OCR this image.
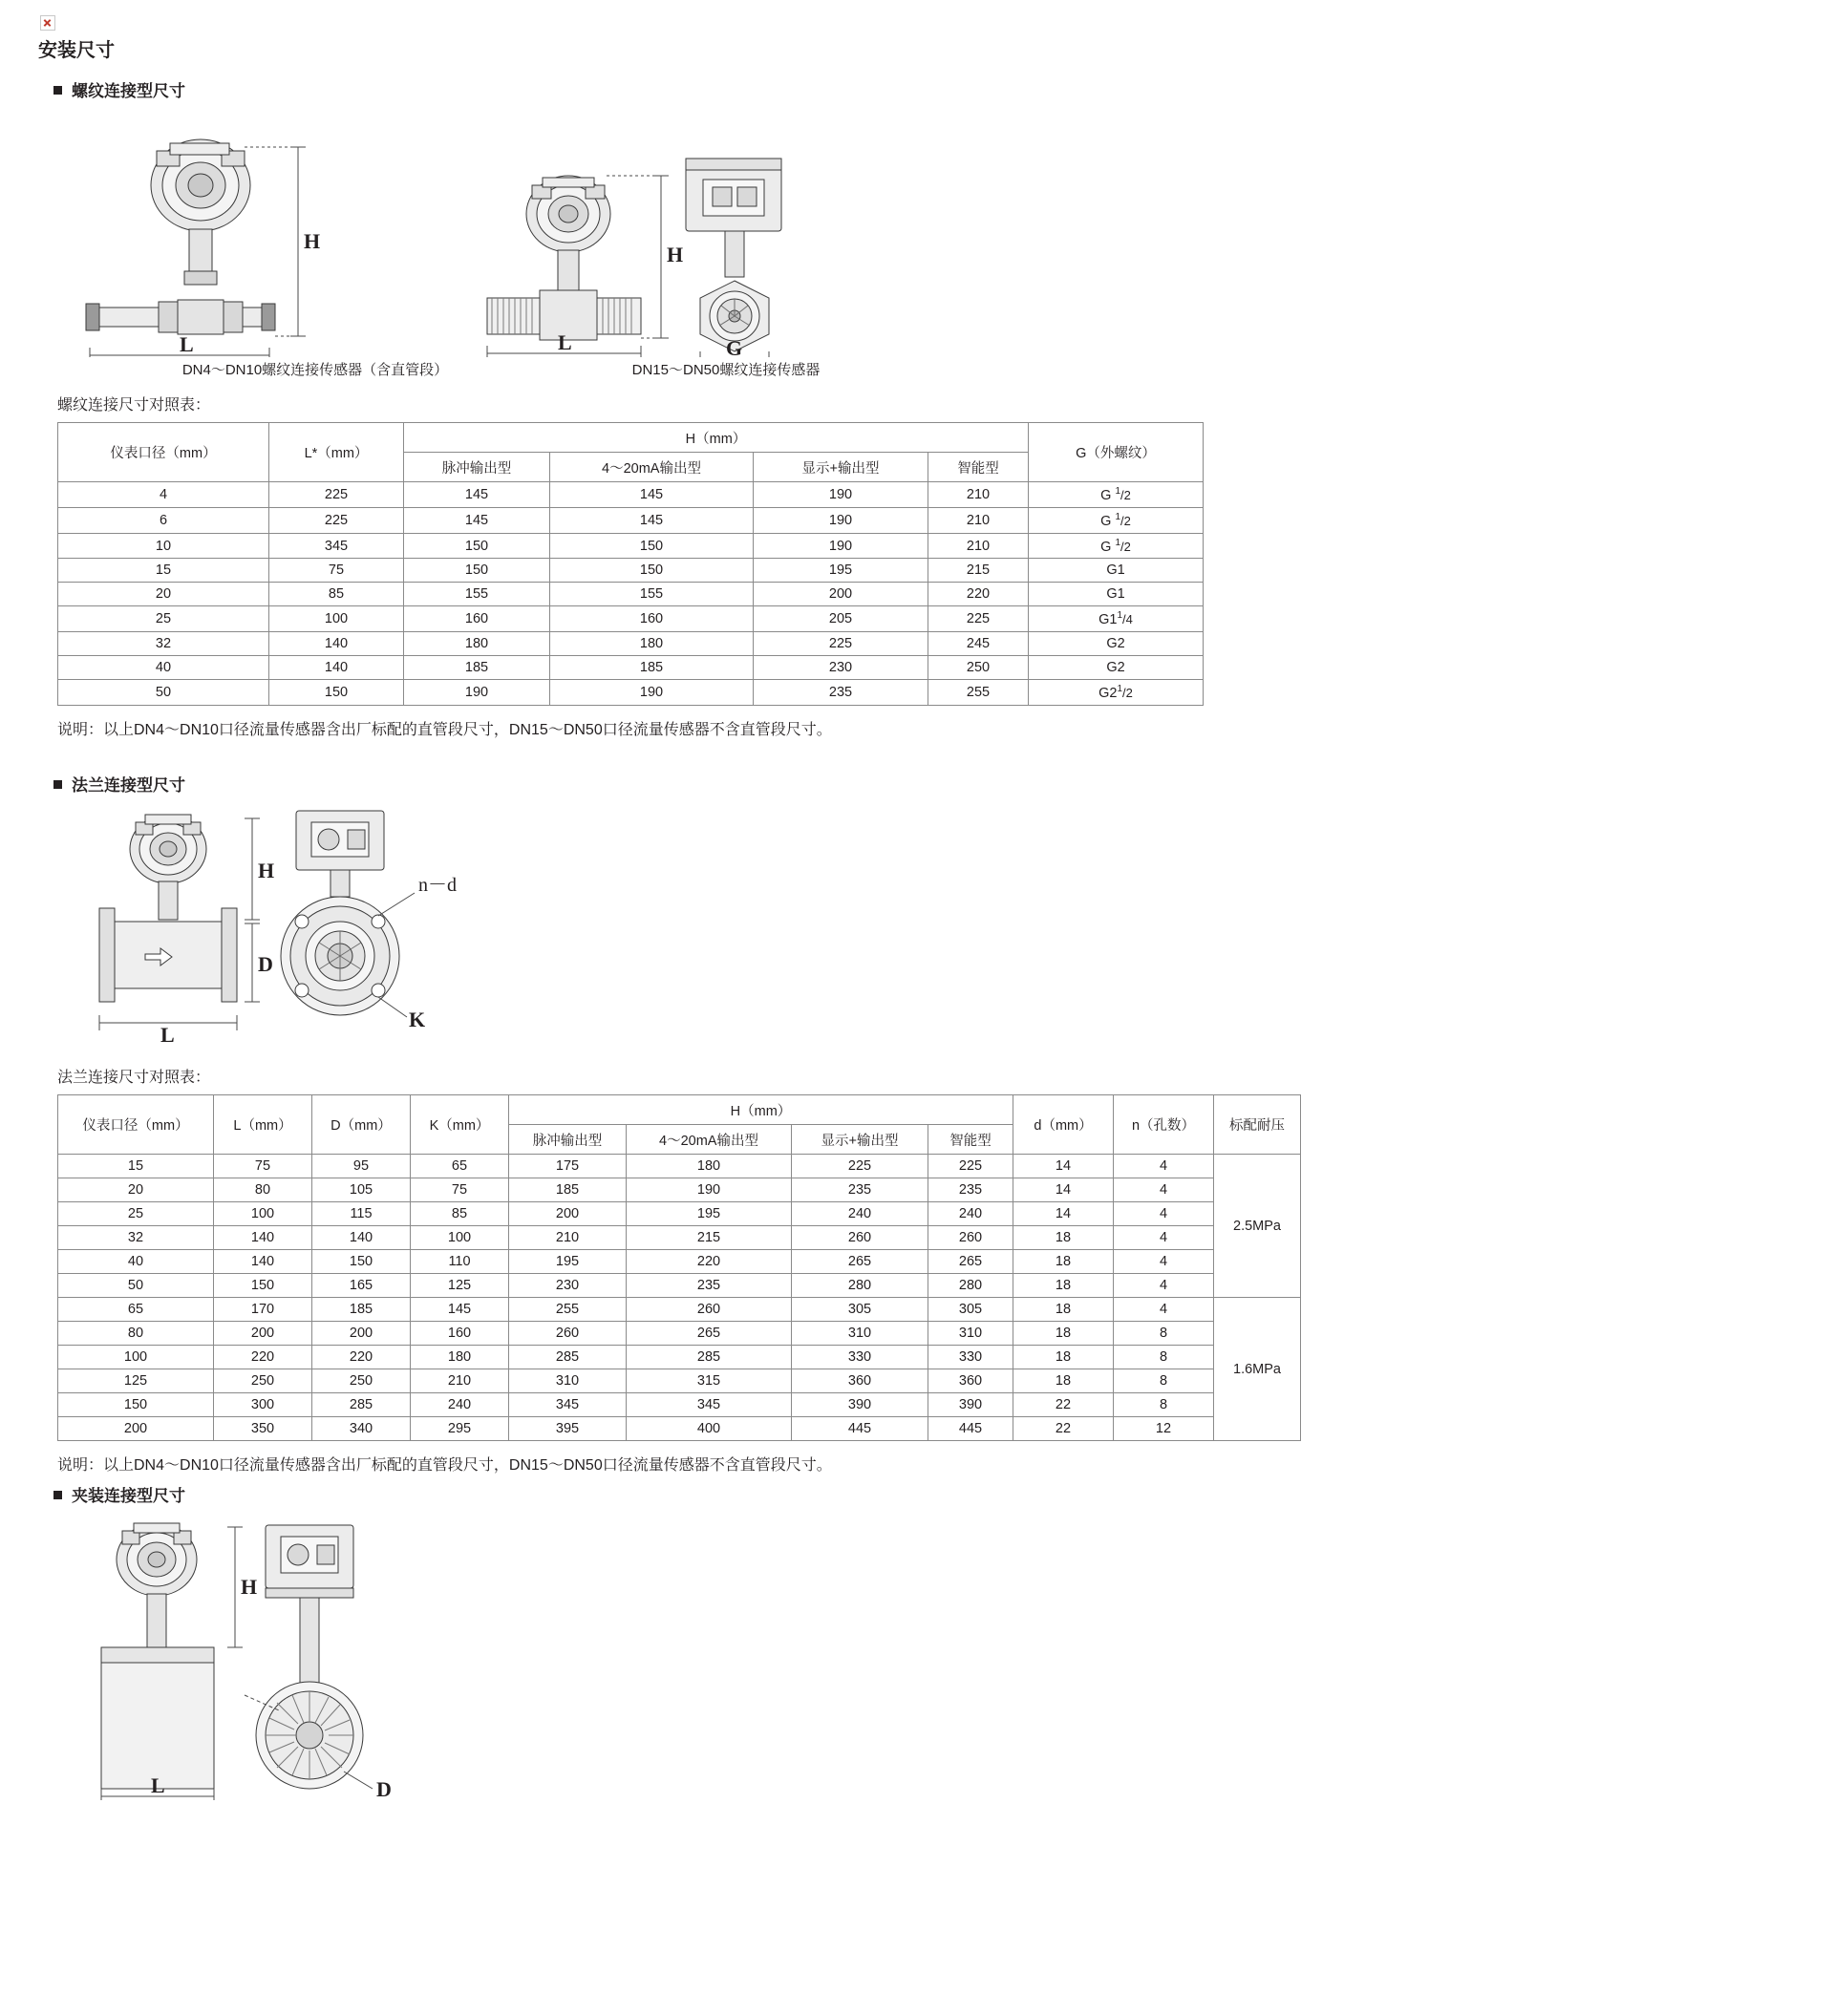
安装尺寸
螺纹连接型尺寸
H
L
H
L	G
DN4～DN10螺纹连接传感器（含直管段）	DN15～DN50螺纹连接传感器
螺纹连接尺寸对照表：
仪表口径（mm）	L*（mm）	H（mm）				G（外螺纹）
		脉冲输出型	4～20mA输出型	显示+输出型	智能型	
4	225	145	145	190	210	G $^1$/2
6	225	145	145	190	210	G $^1$/2
10	345	150	150	190	210	G $^1$/2
15	75	150	150	195	215	G1
20	85	155	155	200	220	G1
25	100	160	160	205	225	$G1^1/4$
32	140	180	180	225	245	G2
40	140	185	185	230	250	G2
50	150	190	190	235	255	$G2^1/2$
说明：以上DN4～DN10口径流量传感器含出厂标配的直管段尺寸，DN15～DN50口径流量传感器不含直管段尺寸。
法兰连接型尺寸
H
D
L
n－d
K
法兰连接尺寸对照表：
仪表口径（mm）	L（mm）	D（mm）	K（mm）	H（mm）				d（mm）	n（孔数）	标配耐压
				脉冲输出型	4～20mA输出型	显示+输出型	智能型			
15	75	95	65	175	180	225	225	14	4	2.5MPa
20	80	105	75	185	190	235	235	14	4	
25	100	115	85	200	195	240	240	14	4	
32	140	140	100	210	215	260	260	18	4	
40	140	150	110	195	220	265	265	18	4	
50	150	165	125	230	235	280	280	18	4	
65	170	185	145	255	260	305	305	18	4	1.6MPa
80	200	200	160	260	265	310	310	18	8	
100	220	220	180	285	285	330	330	18	8	
125	250	250	210	310	315	360	360	18	8	
150	300	285	240	345	345	390	390	22	8	
200	350	340	295	395	400	445	445	22	12	
说明：以上DN4～DN10口径流量传感器含出厂标配的直管段尺寸，DN15～DN50口径流量传感器不含直管段尺寸。
夹装连接型尺寸
H
L	D
